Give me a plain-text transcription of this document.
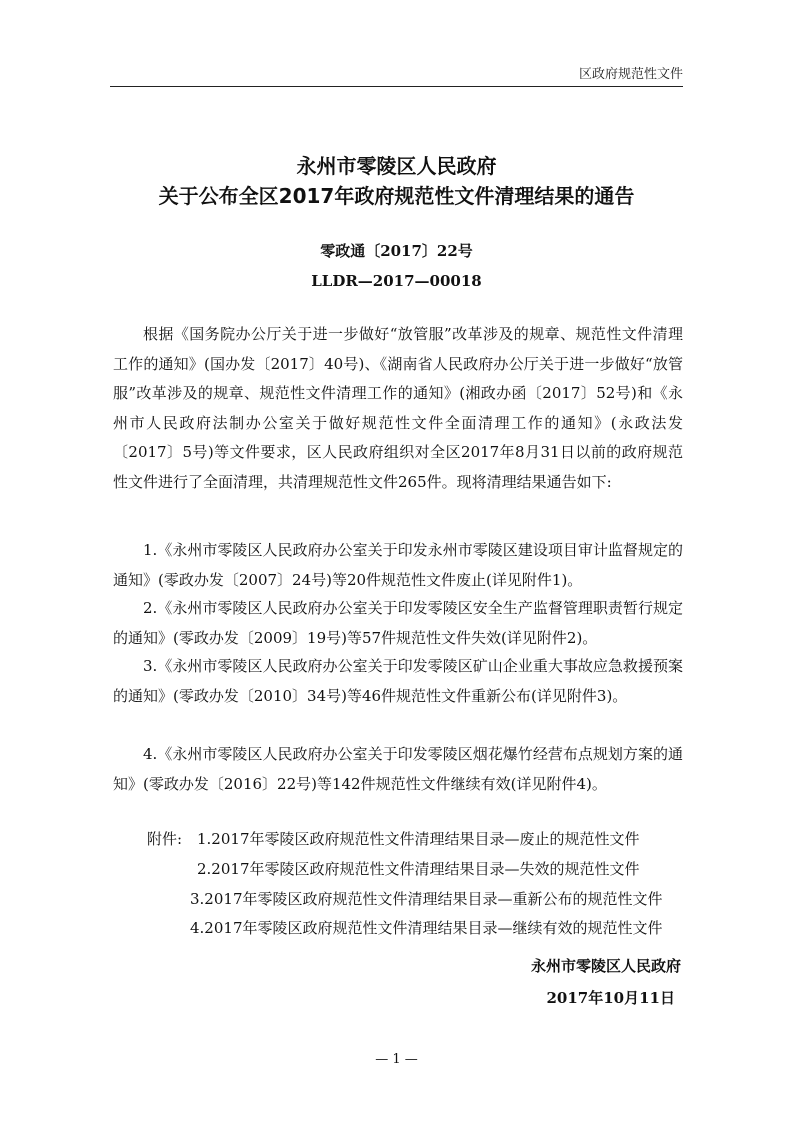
区政府规范性文件
永州市零陵区人民政府
关于公布全区2017年政府规范性文件清理结果的通告
零政通〔2017〕22号
LLDR—2017—00018

根据《国务院办公厅关于进一步做好“放管服”改革涉及的规章、规范性文件清理工作的通知》(国办发〔2017〕40号)、《湖南省人民政府办公厅关于进一步做好“放管服”改革涉及的规章、规范性文件清理工作的通知》(湘政办函〔2017〕52号)和《永州市人民政府法制办公室关于做好规范性文件全面清理工作的通知》(永政法发〔2017〕5号)等文件要求，区人民政府组织对全区2017年8月31日以前的政府规范性文件进行了全面清理，共清理规范性文件265件。现将清理结果通告如下:

1.《永州市零陵区人民政府办公室关于印发永州市零陵区建设项目审计监督规定的通知》(零政办发〔2007〕24号)等20件规范性文件废止(详见附件1)。

2.《永州市零陵区人民政府办公室关于印发零陵区安全生产监督管理职责暂行规定的通知》(零政办发〔2009〕19号)等57件规范性文件失效(详见附件2)。

3.《永州市零陵区人民政府办公室关于印发零陵区矿山企业重大事故应急救援预案的通知》(零政办发〔2010〕34号)等46件规范性文件重新公布(详见附件3)。

4.《永州市零陵区人民政府办公室关于印发零陵区烟花爆竹经营布点规划方案的通知》(零政办发〔2016〕22号)等142件规范性文件继续有效(详见附件4)。

附件: 1.2017年零陵区政府规范性文件清理结果目录—废止的规范性文件
2.2017年零陵区政府规范性文件清理结果目录—失效的规范性文件
3.2017年零陵区政府规范性文件清理结果目录—重新公布的规范性文件
4.2017年零陵区政府规范性文件清理结果目录—继续有效的规范性文件
永州市零陵区人民政府
2017年10月11日
— 1 —
